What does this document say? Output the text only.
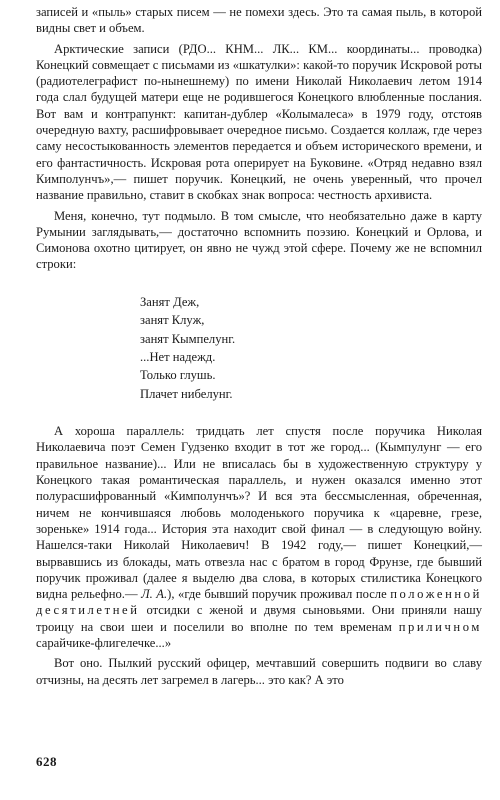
записей и «пыль» старых писем — не помехи здесь. Это та самая пыль, в которой видны свет и объем.

Арктические записи (РДО... КНМ... ЛК... КМ... координаты... проводка) Конецкий совмещает с письмами из «шкатулки»: какой-то поручик Искровой роты (радиотелеграфист по-нынешнему) по имени Николай Николаевич летом 1914 года слал будущей матери еще не родившегося Конецкого влюбленные послания. Вот вам и контрапункт: капитан-дублер «Колымалеса» в 1979 году, отстояв очередную вахту, расшифровывает очередное письмо. Создается коллаж, где через саму несостыкованность элементов передается и объем исторического времени, и его фантастичность. Искровая рота оперирует на Буковине. «Отряд недавно взял Кимполунчъ»,— пишет поручик. Конецкий, не очень уверенный, что прочел название правильно, ставит в скобках знак вопроса: честность архивиста.

Меня, конечно, тут подмыло. В том смысле, что необязательно даже в карту Румынии заглядывать,— достаточно вспомнить поэзию. Конецкий и Орлова, и Симонова охотно цитирует, он явно не чужд этой сфере. Почему же не вспомнил строки:

Занят Деж,
занят Клуж,
занят Кымпелунг.
...Нет надежд.
Только глушь.
Плачет нибелунг.

А хороша параллель: тридцать лет спустя после поручика Николая Николаевича поэт Семен Гудзенко входит в тот же город... (Кымпулунг — его правильное название)... Или не вписалась бы в художественную структуру у Конецкого такая романтическая параллель, и нужен оказался именно этот полурасшифрованный «Кимполунчъ»? И вся эта бессмысленная, обреченная, ничем не кончившаяся любовь молоденького поручика к «царевне, грезе, зореньке» 1914 года... История эта находит свой финал — в следующую войну. Нашелся-таки Николай Николаевич! В 1942 году,— пишет Конецкий,— вырвавшись из блокады, мать отвезла нас с братом в город Фрунзе, где бывший поручик проживал (далее я выделю два слова, в которых стилистика Конецкого видна рельефно.— Л. А.), «где бывший поручик проживал после положенной десятилетней отсидки с женой и двумя сыновьями. Они приняли нашу троицу на свои шеи и поселили во вполне по тем временам приличном сарайчике-флигелечке...»

Вот оно. Пылкий русский офицер, мечтавший совершить подвиги во славу отчизны, на десять лет загремел в лагерь... это как? А это

628
